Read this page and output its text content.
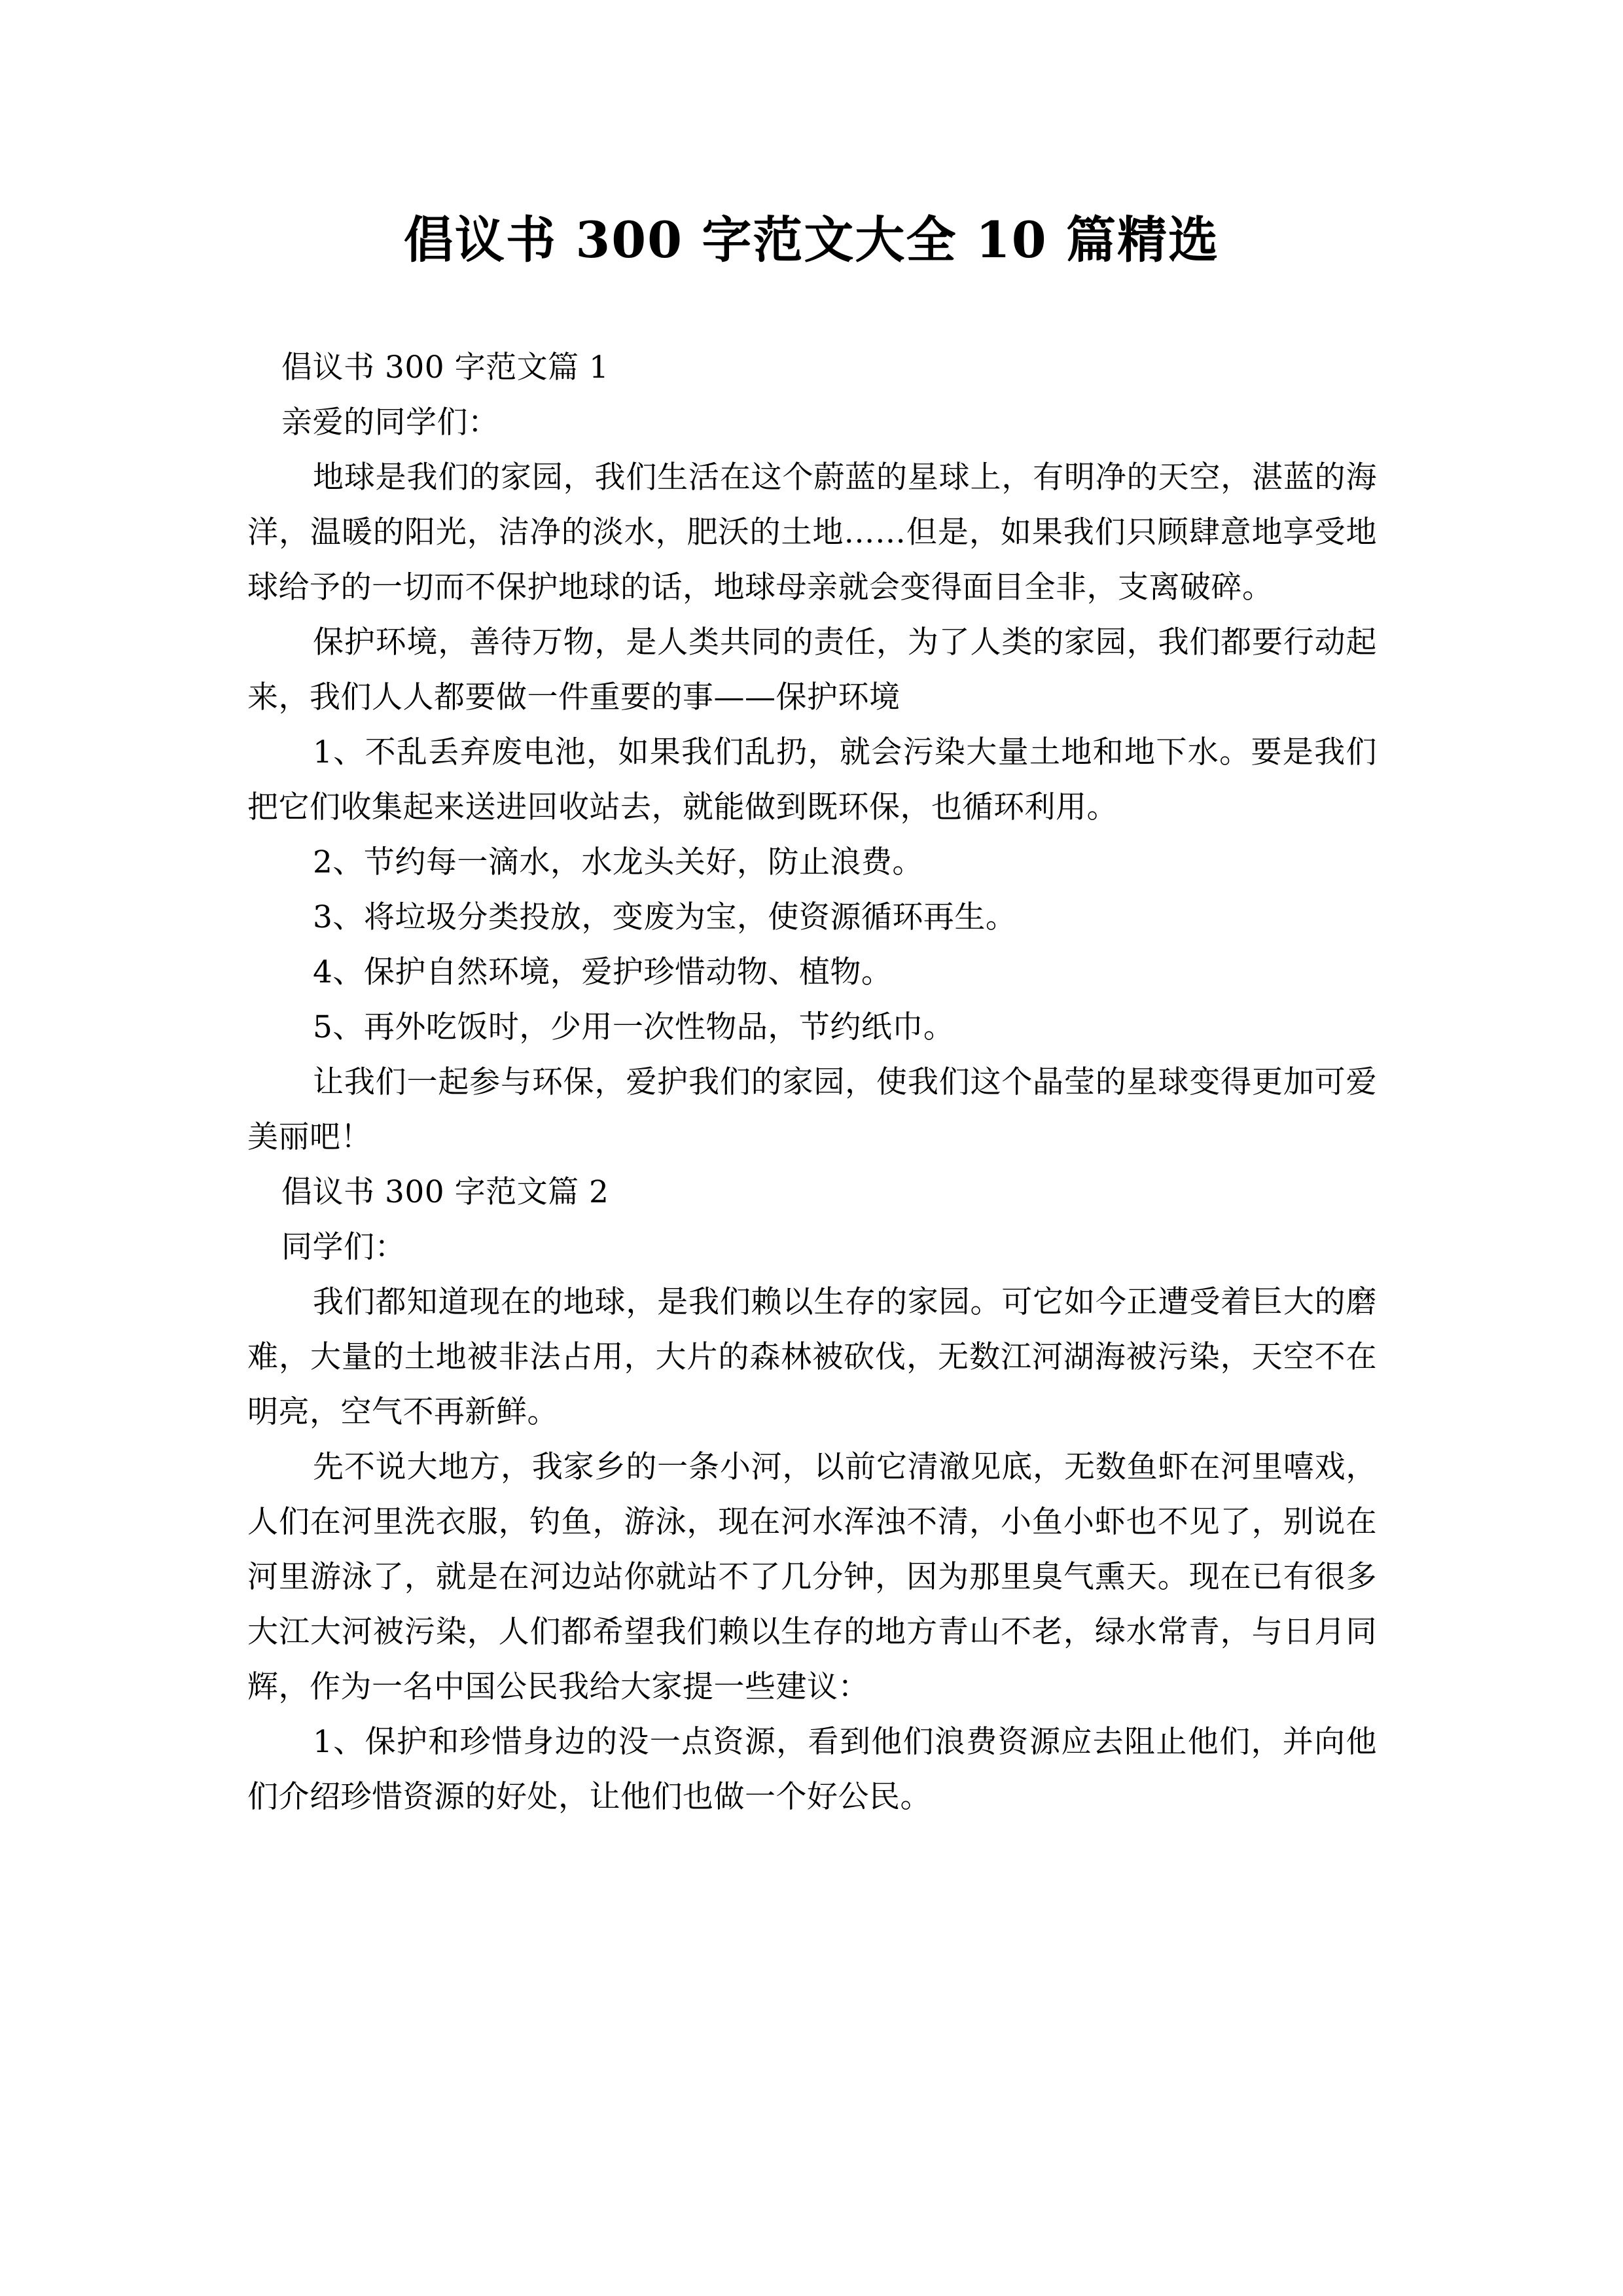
倡议书 300 字范文大全 10 篇精选

倡议书 300 字范文篇 1

亲爱的同学们：

地球是我们的家园，我们生活在这个蔚蓝的星球上，有明净的天空，湛蓝的海洋，温暖的阳光，洁净的淡水，肥沃的土地……但是，如果我们只顾肆意地享受地球给予的一切而不保护地球的话，地球母亲就会变得面目全非，支离破碎。

保护环境，善待万物，是人类共同的责任，为了人类的家园，我们都要行动起来，我们人人都要做一件重要的事——保护环境

1、不乱丢弃废电池，如果我们乱扔，就会污染大量土地和地下水。要是我们把它们收集起来送进回收站去，就能做到既环保，也循环利用。

2、节约每一滴水，水龙头关好，防止浪费。

3、将垃圾分类投放，变废为宝，使资源循环再生。

4、保护自然环境，爱护珍惜动物、植物。

5、再外吃饭时，少用一次性物品，节约纸巾。

让我们一起参与环保，爱护我们的家园，使我们这个晶莹的星球变得更加可爱美丽吧！

倡议书 300 字范文篇 2

同学们：

我们都知道现在的地球，是我们赖以生存的家园。可它如今正遭受着巨大的磨难，大量的土地被非法占用，大片的森林被砍伐，无数江河湖海被污染，天空不在明亮，空气不再新鲜。

先不说大地方，我家乡的一条小河，以前它清澈见底，无数鱼虾在河里嘻戏，人们在河里洗衣服，钓鱼，游泳，现在河水浑浊不清，小鱼小虾也不见了，别说在河里游泳了，就是在河边站你就站不了几分钟，因为那里臭气熏天。现在已有很多大江大河被污染，人们都希望我们赖以生存的地方青山不老，绿水常青，与日月同辉，作为一名中国公民我给大家提一些建议：

1、保护和珍惜身边的没一点资源，看到他们浪费资源应去阻止他们，并向他们介绍珍惜资源的好处，让他们也做一个好公民。
